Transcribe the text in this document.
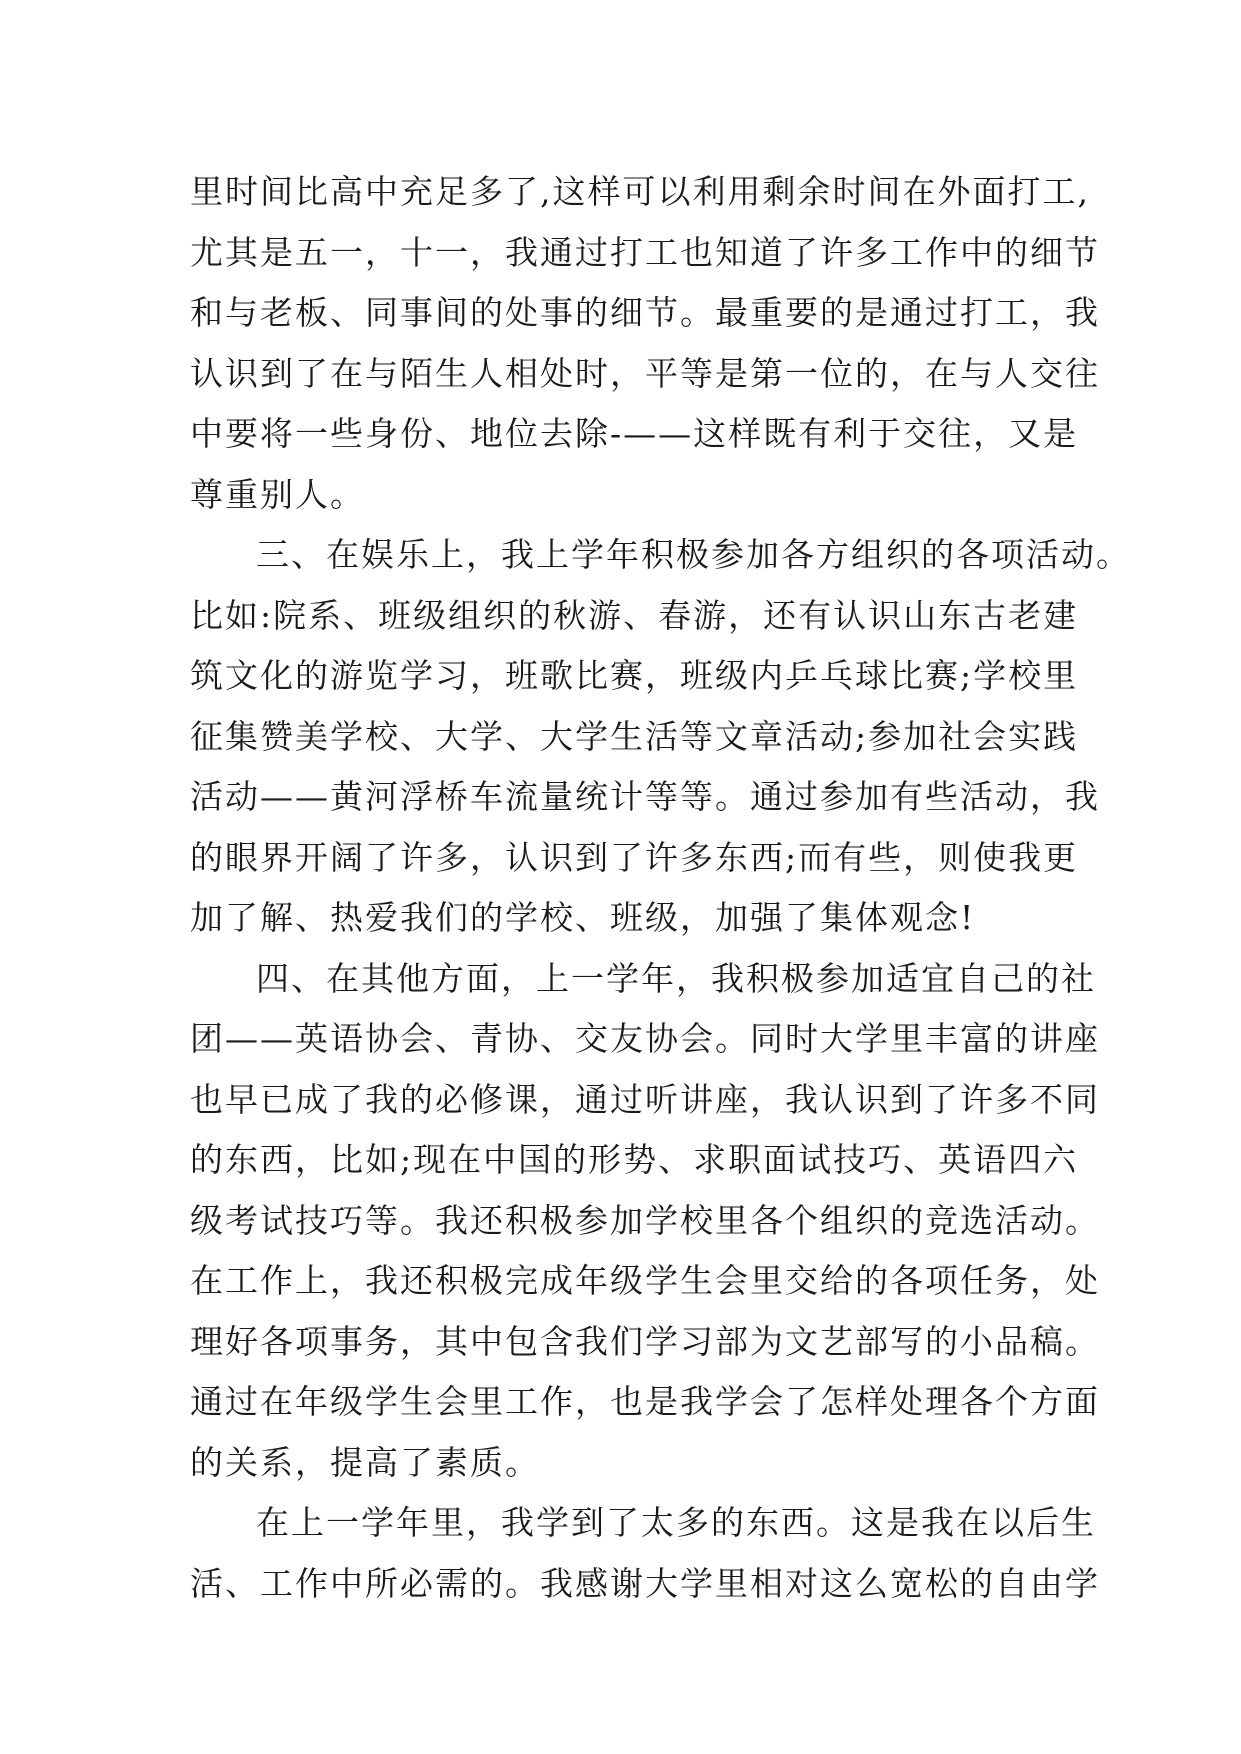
里时间比高中充足多了,这样可以利用剩余时间在外面打工,
尤其是五一，十一，我通过打工也知道了许多工作中的细节
和与老板、同事间的处事的细节。最重要的是通过打工，我
认识到了在与陌生人相处时，平等是第一位的，在与人交往
中要将一些身份、地位去除-——这样既有利于交往，又是
尊重别人。
三、在娱乐上，我上学年积极参加各方组织的各项活动。
比如:院系、班级组织的秋游、春游，还有认识山东古老建
筑文化的游览学习，班歌比赛，班级内乒乓球比赛;学校里
征集赞美学校、大学、大学生活等文章活动;参加社会实践
活动——黄河浮桥车流量统计等等。通过参加有些活动，我
的眼界开阔了许多，认识到了许多东西;而有些，则使我更
加了解、热爱我们的学校、班级，加强了集体观念!
四、在其他方面，上一学年，我积极参加适宜自己的社
团——英语协会、青协、交友协会。同时大学里丰富的讲座
也早已成了我的必修课，通过听讲座，我认识到了许多不同
的东西，比如;现在中国的形势、求职面试技巧、英语四六
级考试技巧等。我还积极参加学校里各个组织的竞选活动。
在工作上，我还积极完成年级学生会里交给的各项任务，处
理好各项事务，其中包含我们学习部为文艺部写的小品稿。
通过在年级学生会里工作，也是我学会了怎样处理各个方面
的关系，提高了素质。
在上一学年里，我学到了太多的东西。这是我在以后生
活、工作中所必需的。我感谢大学里相对这么宽松的自由学
